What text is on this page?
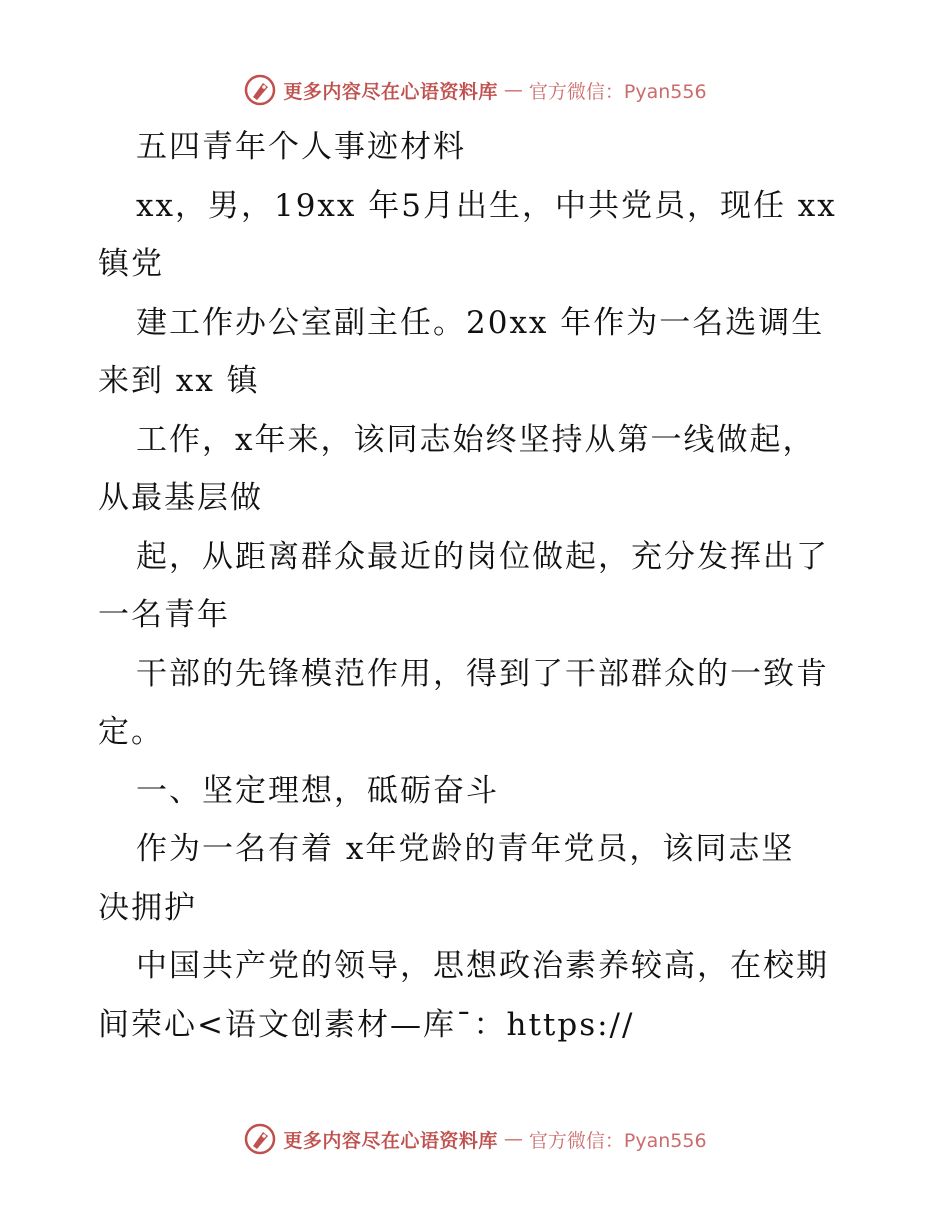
更多内容尽在心语资料库 — 官方微信：Pyan556
五四青年个人事迹材料
xx，男，19xx 年5月出生，中共党员，现任 xx
镇党
建工作办公室副主任。20xx 年作为一名选调生
来到 xx 镇
工作，x年来，该同志始终坚持从第一线做起，
从最基层做
起，从距离群众最近的岗位做起，充分发挥出了
一名青年
干部的先锋模范作用，得到了干部群众的一致肯
定。
一、坚定理想，砥砺奋斗
作为一名有着 x年党龄的青年党员，该同志坚
决拥护
中国共产党的领导，思想政治素养较高，在校期
间荣心<语文创素材—库¯：https://
更多内容尽在心语资料库 — 官方微信：Pyan556
